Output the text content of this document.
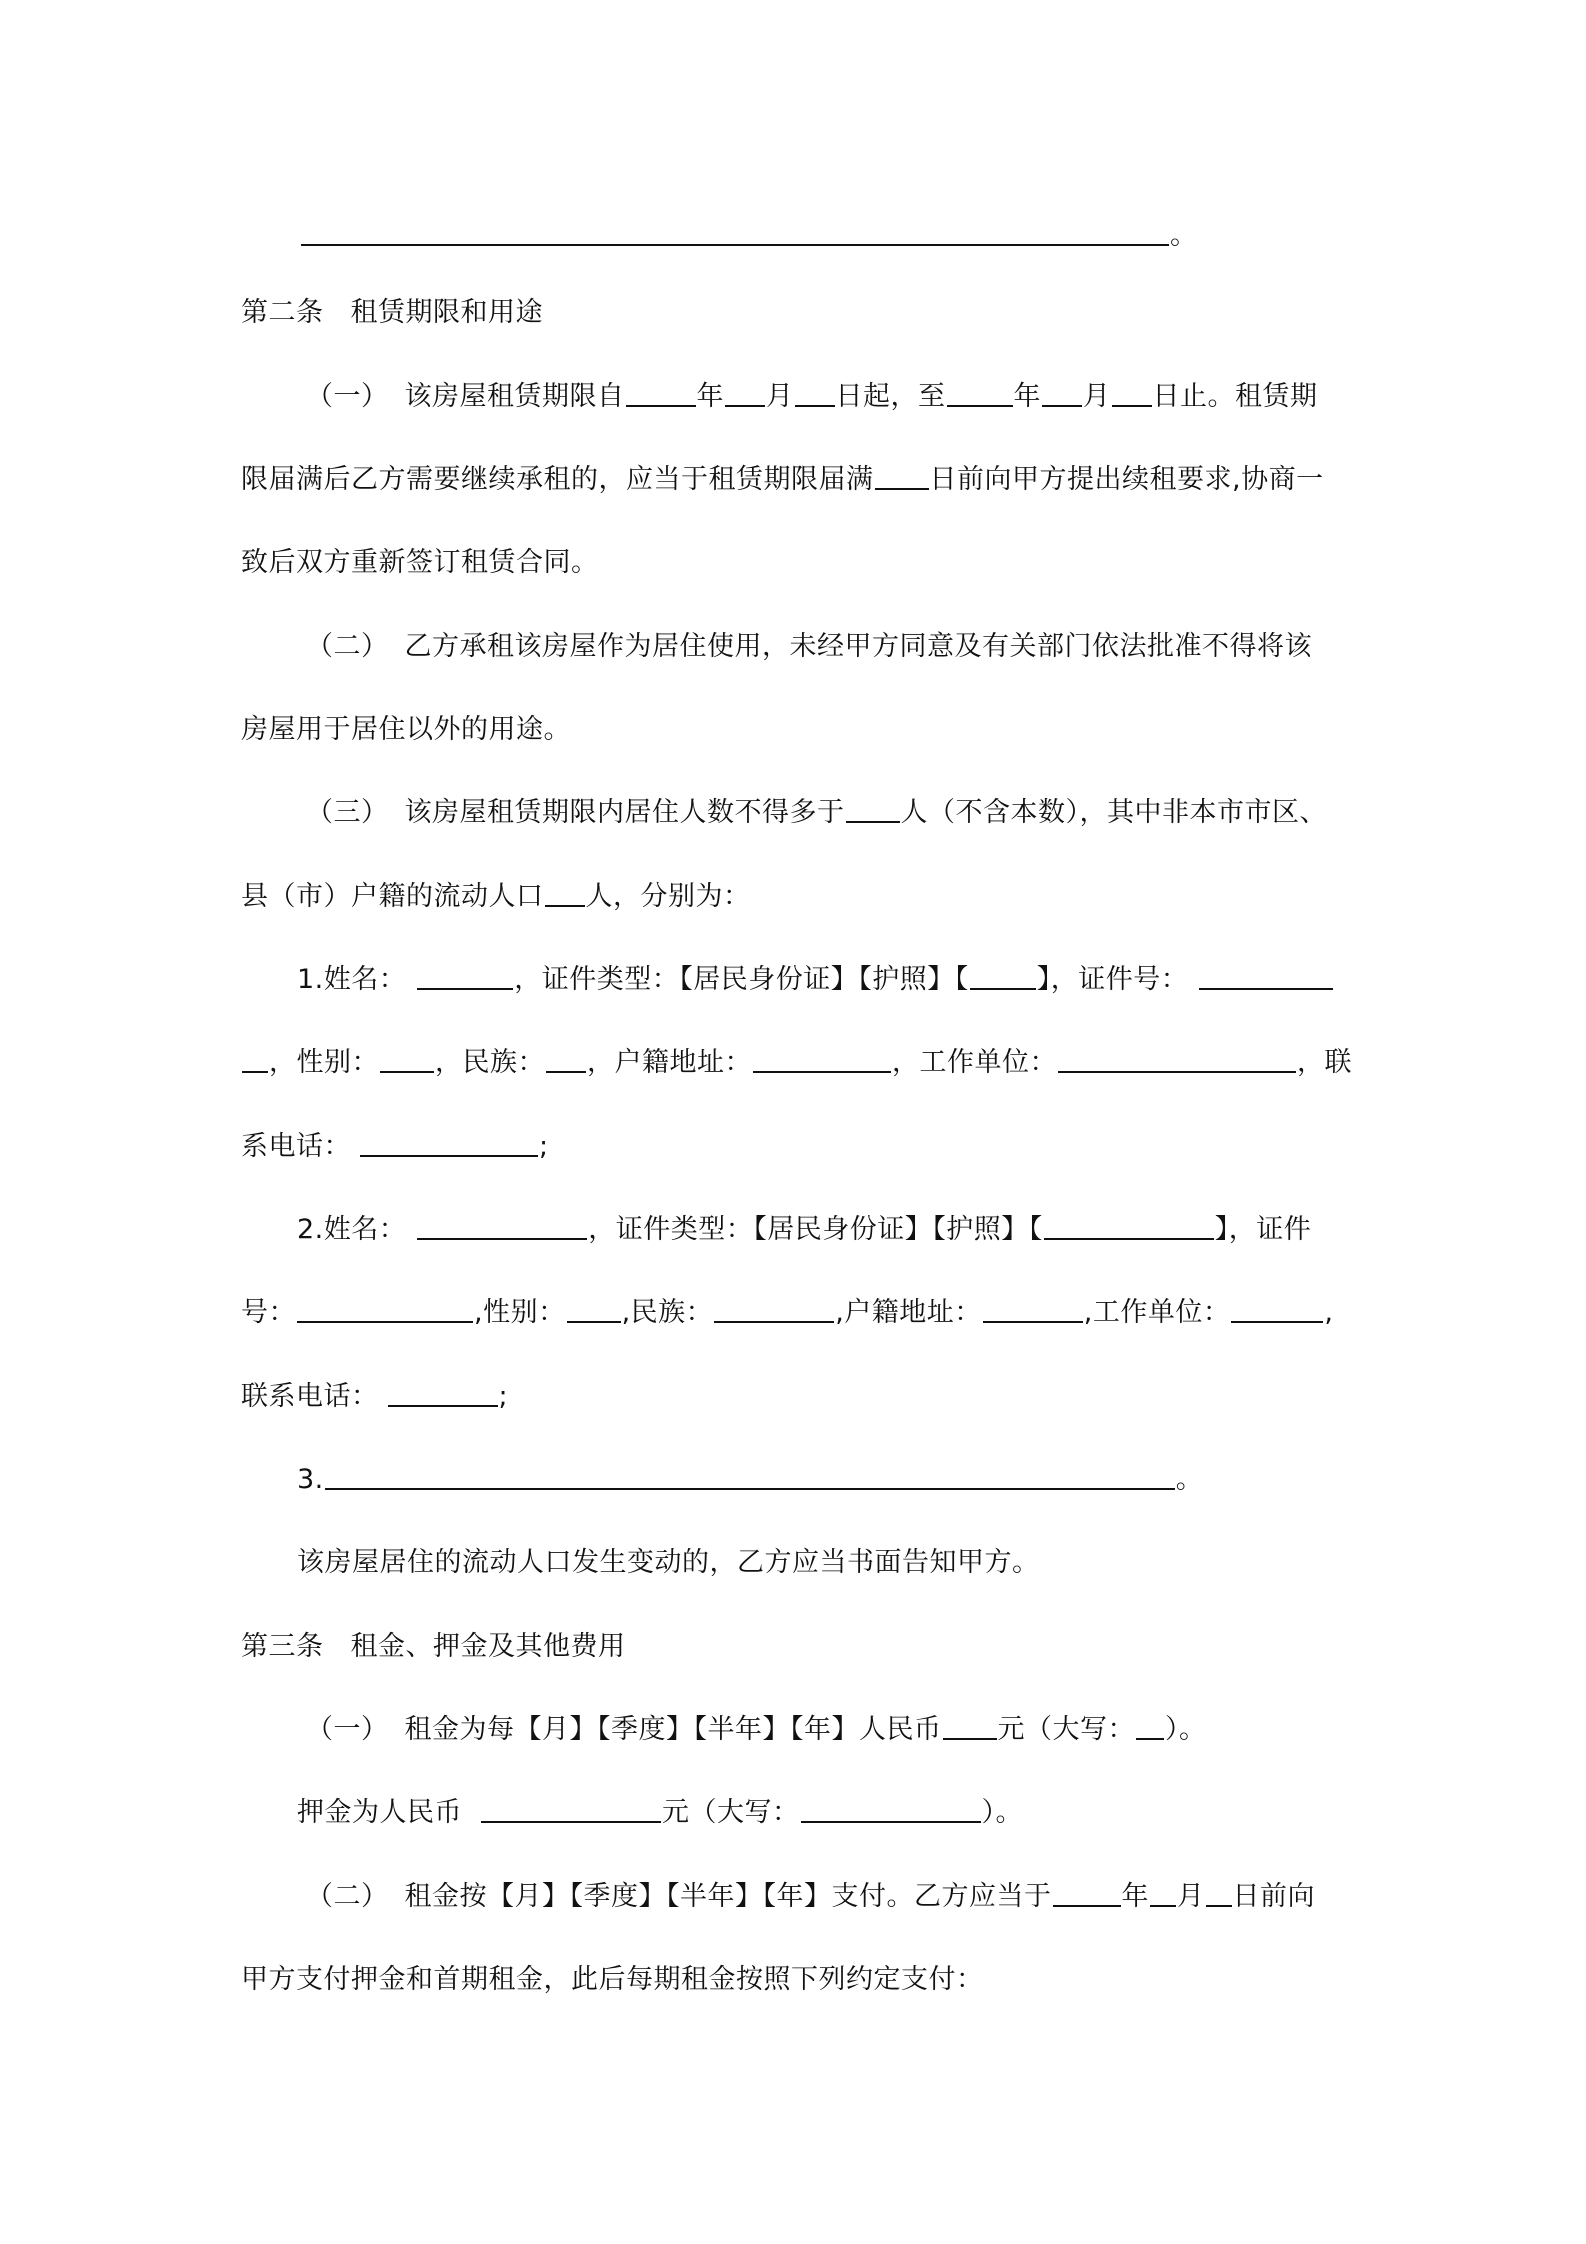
。
第二条 租赁期限和用途
（一） 该房屋租赁期限自	年 月 日起，至	年 月 日止。租赁期
限届满后乙方需要继续承租的，应当于租赁期限届满 日前向甲方提出续租要求,协商一
致后双方重新签订租赁合同。
（二） 乙方承租该房屋作为居住使用，未经甲方同意及有关部门依法批准不得将该
房屋用于居住以外的用途。
（三） 该房屋租赁期限内居住人数不得多于 人（不含本数），其中非本市市区、
县（市）户籍的流动人口 人，分别为：
1.姓名：	，证件类型：【居民身份证】【护照】【	】，证件号：
，性别： ，民族： ，户籍地址：	，工作单位：	，联
系电话：	;
2.姓名：	，证件类型：【居民身份证】【护照】【	】，证件
号：	,性别： ,民族：	,户籍地址：	,工作单位：	,
联系电话：	;
3.	。
该房屋居住的流动人口发生变动的，乙方应当书面告知甲方。
第三条 租金、押金及其他费用
（一） 租金为每【月】【季度】【半年】【年】人民币 元（大写： ）。
押金为人民币	元（大写：	）。
（二） 租金按【月】【季度】【半年】【年】支付。乙方应当于	年 月 日前向
甲方支付押金和首期租金，此后每期租金按照下列约定支付：
